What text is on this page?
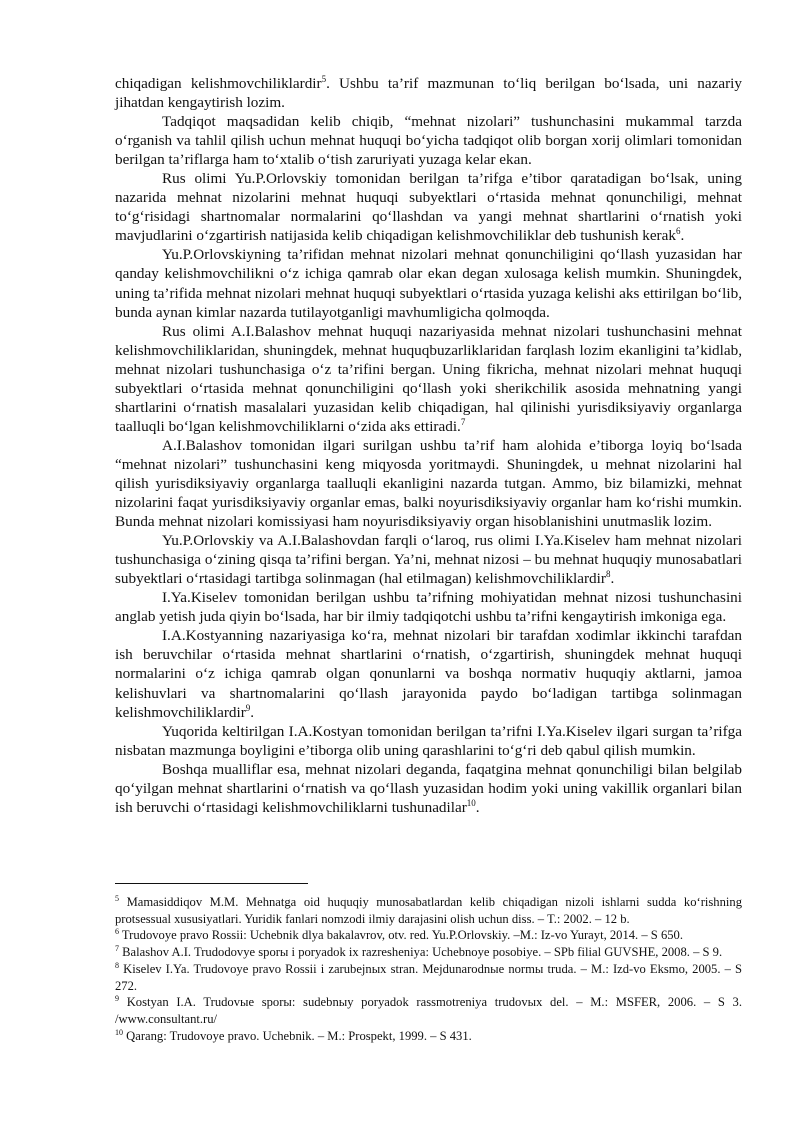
chiqadigan kelishmovchiliklardir$^5$. Ushbu ta’rif mazmunan to‘liq berilgan bo‘lsada, uni nazariy jihatdan kengaytirish lozim.

Tadqiqot maqsadidan kelib chiqib, “mehnat nizolari” tushunchasini mukammal tarzda o‘rganish va tahlil qilish uchun mehnat huquqi bo‘yicha tadqiqot olib borgan xorij olimlari tomonidan berilgan ta’riflarga ham to‘xtalib o‘tish zaruriyati yuzaga kelar ekan.

Rus olimi Yu.P.Orlovskiy tomonidan berilgan ta’rifga e’tibor qaratadigan bo‘lsak, uning nazarida mehnat nizolarini mehnat huquqi subyektlari o‘rtasida mehnat qonunchiligi, mehnat to‘g‘risidagi shartnomalar normalarini qo‘llashdan va yangi mehnat shartlarini o‘rnatish yoki mavjudlarini o‘zgartirish natijasida kelib chiqadigan kelishmovchiliklar deb tushunish kerak$^6$.

Yu.P.Orlovskiyning ta’rifidan mehnat nizolari mehnat qonunchiligini qo‘llash yuzasidan har qanday kelishmovchilikni o‘z ichiga qamrab olar ekan degan xulosaga kelish mumkin. Shuningdek, uning ta’rifida mehnat nizolari mehnat huquqi subyektlari o‘rtasida yuzaga kelishi aks ettirilgan bo‘lib, bunda aynan kimlar nazarda tutilayotganligi mavhumligicha qolmoqda.

Rus olimi A.I.Balashov mehnat huquqi nazariyasida mehnat nizolari tushunchasini mehnat kelishmovchiliklaridan, shuningdek, mehnat huquqbuzarliklaridan farqlash lozim ekanligini ta’kidlab, mehnat nizolari tushunchasiga o‘z ta’rifini bergan. Uning fikricha, mehnat nizolari mehnat huquqi subyektlari o‘rtasida mehnat qonunchiligini qo‘llash yoki sherikchilik asosida mehnatning yangi shartlarini o‘rnatish masalalari yuzasidan kelib chiqadigan, hal qilinishi yurisdiksiyaviy organlarga taalluqli bo‘lgan kelishmovchiliklarni o‘zida aks ettiradi.$^7$

A.I.Balashov tomonidan ilgari surilgan ushbu ta’rif ham alohida e’tiborga loyiq bo‘lsada “mehnat nizolari” tushunchasini keng miqyosda yoritmaydi. Shuningdek, u mehnat nizolarini hal qilish yurisdiksiyaviy organlarga taalluqli ekanligini nazarda tutgan. Ammo, biz bilamizki, mehnat nizolarini faqat yurisdiksiyaviy organlar emas, balki noyurisdiksiyaviy organlar ham ko‘rishi mumkin. Bunda mehnat nizolari komissiyasi ham noyurisdiksiyaviy organ hisoblanishini unutmaslik lozim.

Yu.P.Orlovskiy va A.I.Balashovdan farqli o‘laroq, rus olimi I.Ya.Kiselev ham mehnat nizolari tushunchasiga o‘zining qisqa ta’rifini bergan. Ya’ni, mehnat nizosi – bu mehnat huquqiy munosabatlari subyektlari o‘rtasidagi tartibga solinmagan (hal etilmagan) kelishmovchiliklardir$^8$.

I.Ya.Kiselev tomonidan berilgan ushbu ta’rifning mohiyatidan mehnat nizosi tushunchasini anglab yetish juda qiyin bo‘lsada, har bir ilmiy tadqiqotchi ushbu ta’rifni kengaytirish imkoniga ega.

I.A.Kostyanning nazariyasiga ko‘ra, mehnat nizolari bir tarafdan xodimlar ikkinchi tarafdan ish beruvchilar o‘rtasida mehnat shartlarini o‘rnatish, o‘zgartirish, shuningdek mehnat huquqi normalarini o‘z ichiga qamrab olgan qonunlarni va boshqa normativ huquqiy aktlarni, jamoa kelishuvlari va shartnomalarini qo‘llash jarayonida paydo bo‘ladigan tartibga solinmagan kelishmovchiliklardir$^9$.

Yuqorida keltirilgan I.A.Kostyan tomonidan berilgan ta’rifni I.Ya.Kiselev ilgari surgan ta’rifga nisbatan mazmunga boyligini e’tiborga olib uning qarashlarini to‘g‘ri deb qabul qilish mumkin.

Boshqa mualliflar esa, mehnat nizolari deganda, faqatgina mehnat qonunchiligi bilan belgilab qo‘yilgan mehnat shartlarini o‘rnatish va qo‘llash yuzasidan hodim yoki uning vakillik organlari bilan ish beruvchi o‘rtasidagi kelishmovchiliklarni tushunadilar$^{10}$.

$^5$ Mamasiddiqov M.M. Mehnatga oid huquqiy munosabatlardan kelib chiqadigan nizoli ishlarni sudda ko‘rishning protsessual xususiyatlari. Yuridik fanlari nomzodi ilmiy darajasini olish uchun diss. – T.: 2002. – 12 b.

$^6$ Trudovoye pravo Rossii: Uchebnik dlya bakalavrov, otv. red. Yu.P.Orlovskiy. –M.: Iz-vo Yurayt, 2014. – S 650.

$^7$ Balashov A.I. Trudodovye sporы i poryadok ix razresheniya: Uchebnoye posobiye. – SPb filial GUVSHE, 2008. – S 9.

$^8$ Kiselev I.Ya. Trudovoye pravo Rossii i zarubejnыx stran. Mejdunarodnыe normы truda. – M.: Izd-vo Eksmo, 2005. – S 272.

$^9$ Kostyan I.A. Trudovыe sporы: sudebnыy poryadok rassmotreniya trudovыx del. – M.: MSFER, 2006. – S 3. /www.consultant.ru/

$^{10}$ Qarang: Trudovoye pravo. Uchebnik. – M.: Prospekt, 1999. – S 431.
